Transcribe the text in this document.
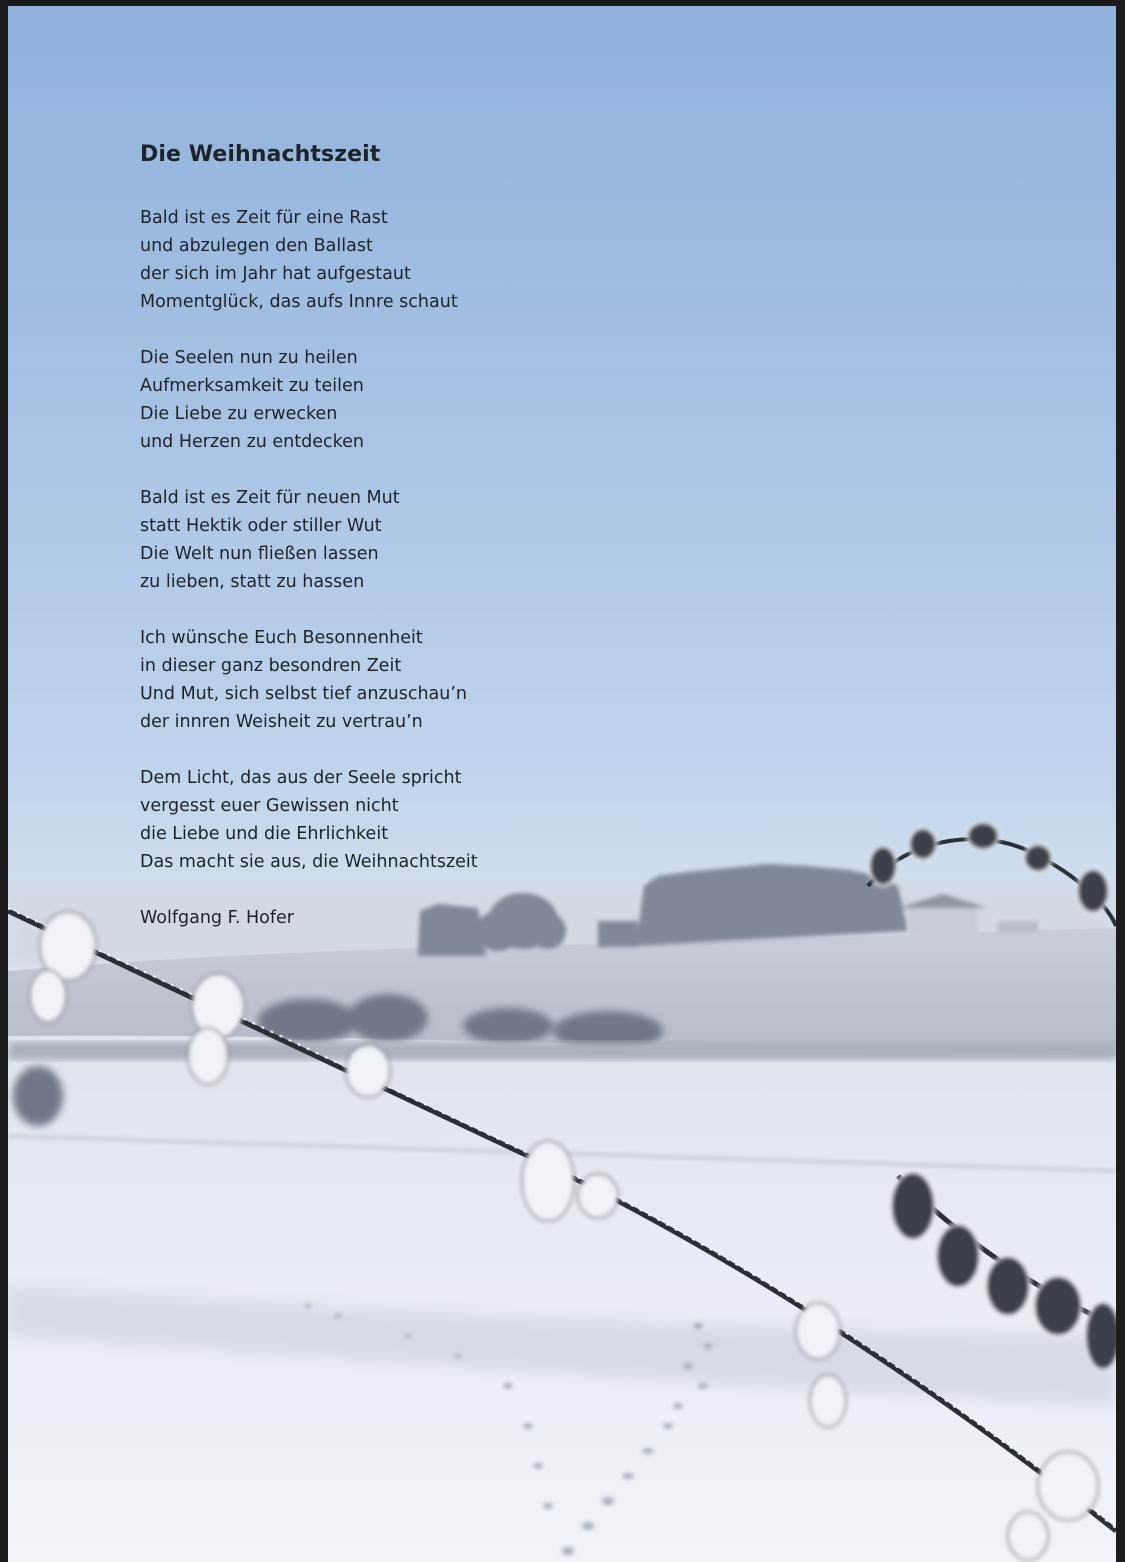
Die Weihnachtszeit
Bald ist es Zeit für eine Rast
und abzulegen den Ballast
der sich im Jahr hat aufgestaut
Momentglück, das aufs Innre schaut
Die Seelen nun zu heilen
Aufmerksamkeit zu teilen
Die Liebe zu erwecken
und Herzen zu entdecken
Bald ist es Zeit für neuen Mut
statt Hektik oder stiller Wut
Die Welt nun fließen lassen
zu lieben, statt zu hassen
Ich wünsche Euch Besonnenheit
in dieser ganz besondren Zeit
Und Mut, sich selbst tief anzuschau’n
der innren Weisheit zu vertrau’n
Dem Licht, das aus der Seele spricht
vergesst euer Gewissen nicht
die Liebe und die Ehrlichkeit
Das macht sie aus, die Weihnachtszeit
Wolfgang F. Hofer
